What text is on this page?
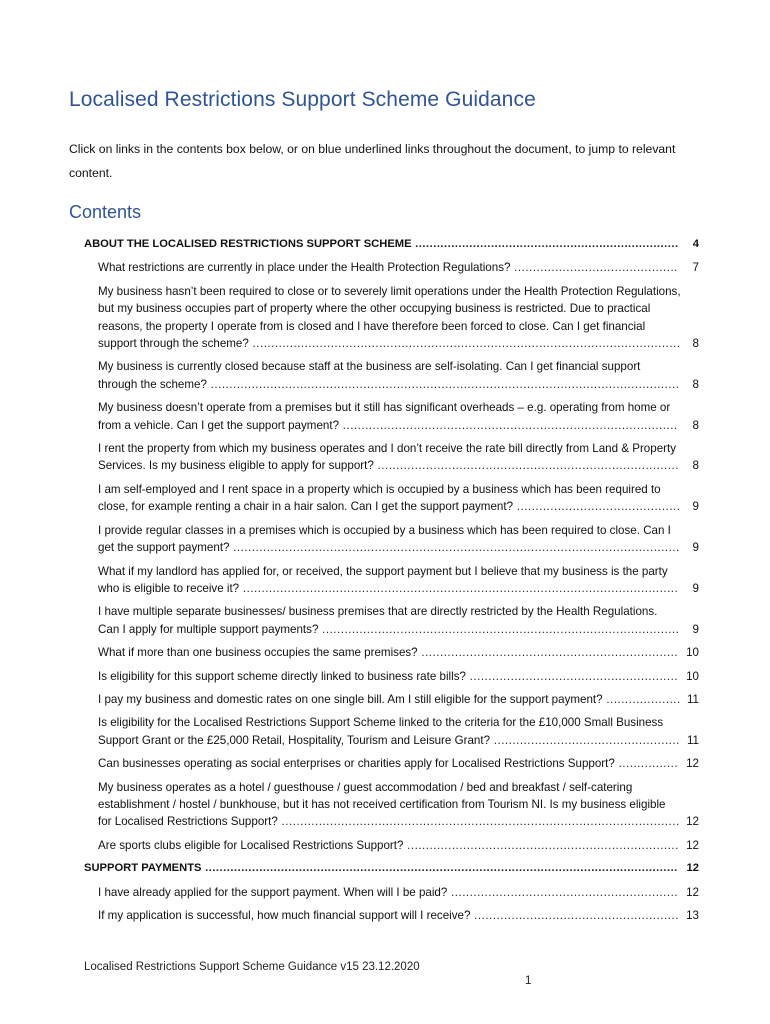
Localised Restrictions Support Scheme Guidance
Click on links in the contents box below, or on blue underlined links throughout the document, to jump to relevant content.
Contents
ABOUT THE LOCALISED RESTRICTIONS SUPPORT SCHEME .........................................................................	4
What restrictions are currently in place under the Health Protection Regulations? ............................................	7
My business hasn’t been required to close or to severely limit operations under the Health Protection Regulations, but my business occupies part of property where the other occupying business is restricted. Due to practical reasons, the property I operate from is closed and I have therefore been forced to close. Can I get financial support through the scheme? ...................................................................................................................	8
My business is currently closed because staff at the business are self-isolating. Can I get financial support through the scheme? ..............................................................................................................................	8
My business doesn’t operate from a premises but it still has significant overheads – e.g. operating from home or from a vehicle. Can I get the support payment? ..........................................................................................	8
I rent the property from which my business operates and I don’t receive the rate bill directly from Land & Property Services. Is my business eligible to apply for support? .................................................................................	8
I am self-employed and I rent space in a property which is occupied by a business which has been required to close, for example renting a chair in a hair salon. Can I get the support payment? ............................................	9
I provide regular classes in a premises which is occupied by a business which has been required to close. Can I get the support payment? ........................................................................................................................	9
What if my landlord has applied for, or received, the support payment but I believe that my business is the party who is eligible to receive it? .....................................................................................................................	9
I have multiple separate businesses/ business premises that are directly restricted by the Health Regulations. Can I apply for multiple support payments? ................................................................................................	9
What if more than one business occupies the same premises? ..................................................................... 10
Is eligibility for this support scheme directly linked to business rate bills? ........................................................ 10
I pay my business and domestic rates on one single bill. Am I still eligible for the support payment? .................... 11
Is eligibility for the Localised Restrictions Support Scheme linked to the criteria for the £10,000 Small Business Support Grant or the £25,000 Retail, Hospitality, Tourism and Leisure Grant? .................................................. 11
Can businesses operating as social enterprises or charities apply for Localised Restrictions Support? ................ 12
My business operates as a hotel / guesthouse / guest accommodation / bed and breakfast / self-catering establishment / hostel / bunkhouse, but it has not received certification from Tourism NI. Is my business eligible for Localised Restrictions Support? ........................................................................................................... 12
Are sports clubs eligible for Localised Restrictions Support? ......................................................................... 12
SUPPORT PAYMENTS ................................................................................................................................... 12
I have already applied for the support payment. When will I be paid? ............................................................. 12
If my application is successful, how much financial support will I receive? ....................................................... 13
Localised Restrictions Support Scheme Guidance v15 23.12.2020
1
